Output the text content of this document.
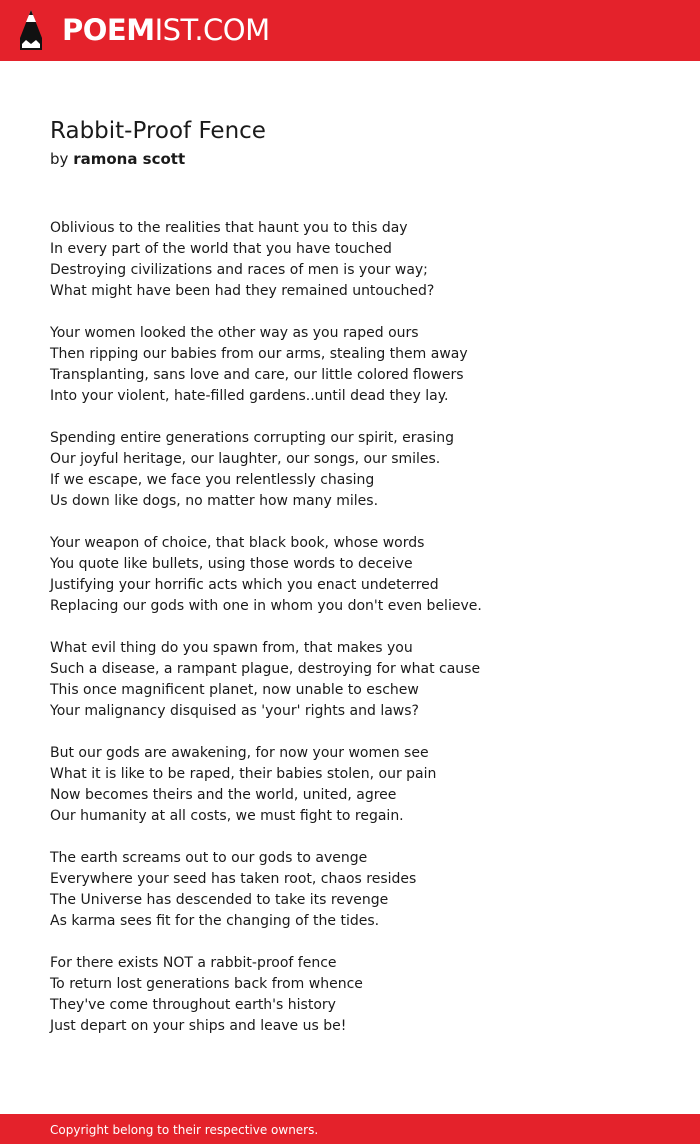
POEMIST.COM
Rabbit-Proof Fence
by ramona scott
Oblivious to the realities that haunt you to this day
In every part of the world that you have touched
Destroying civilizations and races of men is your way;
What might have been had they remained untouched?
Your women looked the other way as you raped ours
Then ripping our babies from our arms, stealing them away
Transplanting, sans love and care, our little colored flowers
Into your violent, hate-filled gardens..until dead they lay.
Spending entire generations corrupting our spirit, erasing
Our joyful heritage, our laughter, our songs, our smiles.
If we escape, we face you relentlessly chasing
Us down like dogs, no matter how many miles.
Your weapon of choice, that black book, whose words
You quote like bullets, using those words to deceive
Justifying your horrific acts which you enact undeterred
Replacing our gods with one in whom you don't even believe.
What evil thing do you spawn from, that makes you
Such a disease, a rampant plague, destroying for what cause
This once magnificent planet, now unable to eschew
Your malignancy disquised as 'your' rights and laws?
But our gods are awakening, for now your women see
What it is like to be raped, their babies stolen, our pain
Now becomes theirs and the world, united, agree
Our humanity at all costs, we must fight to regain.
The earth screams out to our gods to avenge
Everywhere your seed has taken root, chaos resides
The Universe has descended to take its revenge
As karma sees fit for the changing of the tides.
For there exists NOT a rabbit-proof fence
To return lost generations back from whence
They've come throughout earth's history
Just depart on your ships and leave us be!
Copyright belong to their respective owners.
